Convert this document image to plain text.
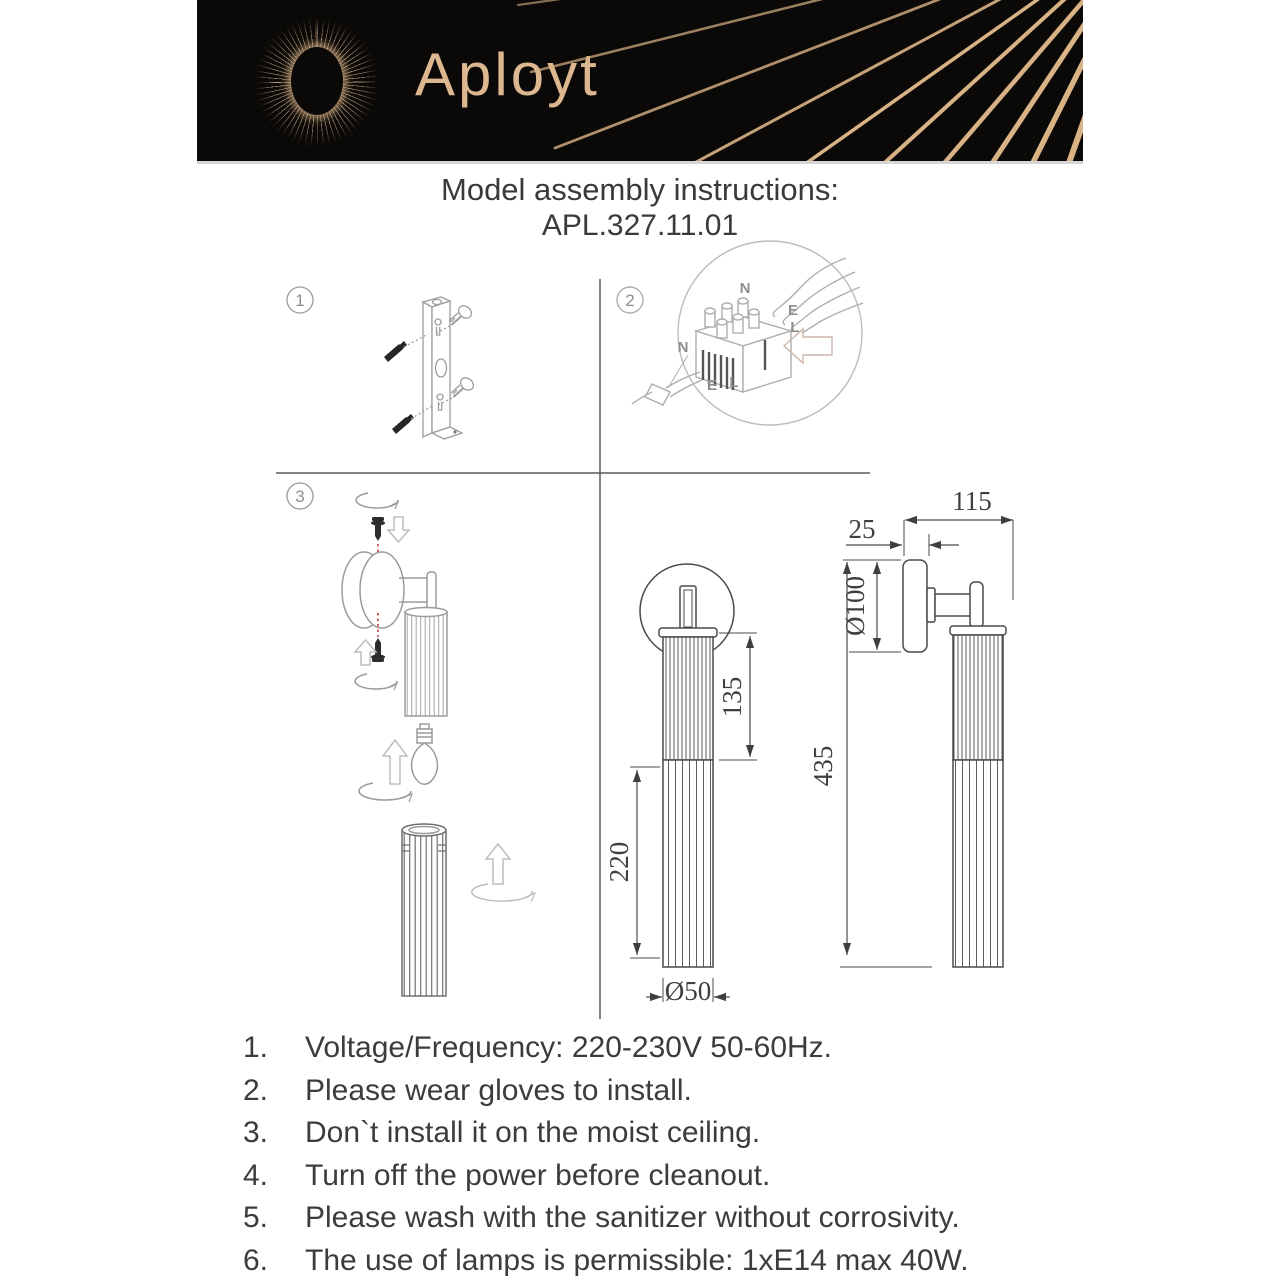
Aployt
Model assembly instructions:
APL.327.11.01
1	2
N
E
L
N
E L
3
135
220
Ø50
115
25
Ø100
435
1.	Voltage/Frequency: 220-230V 50-60Hz.
2.	Please wear gloves to install.
3.	Don`t install it on the moist ceiling.
4.	Turn off the power before cleanout.
5.	Please wash with the sanitizer without corrosivity.
6.	The use of lamps is permissible: 1xE14 max 40W.
